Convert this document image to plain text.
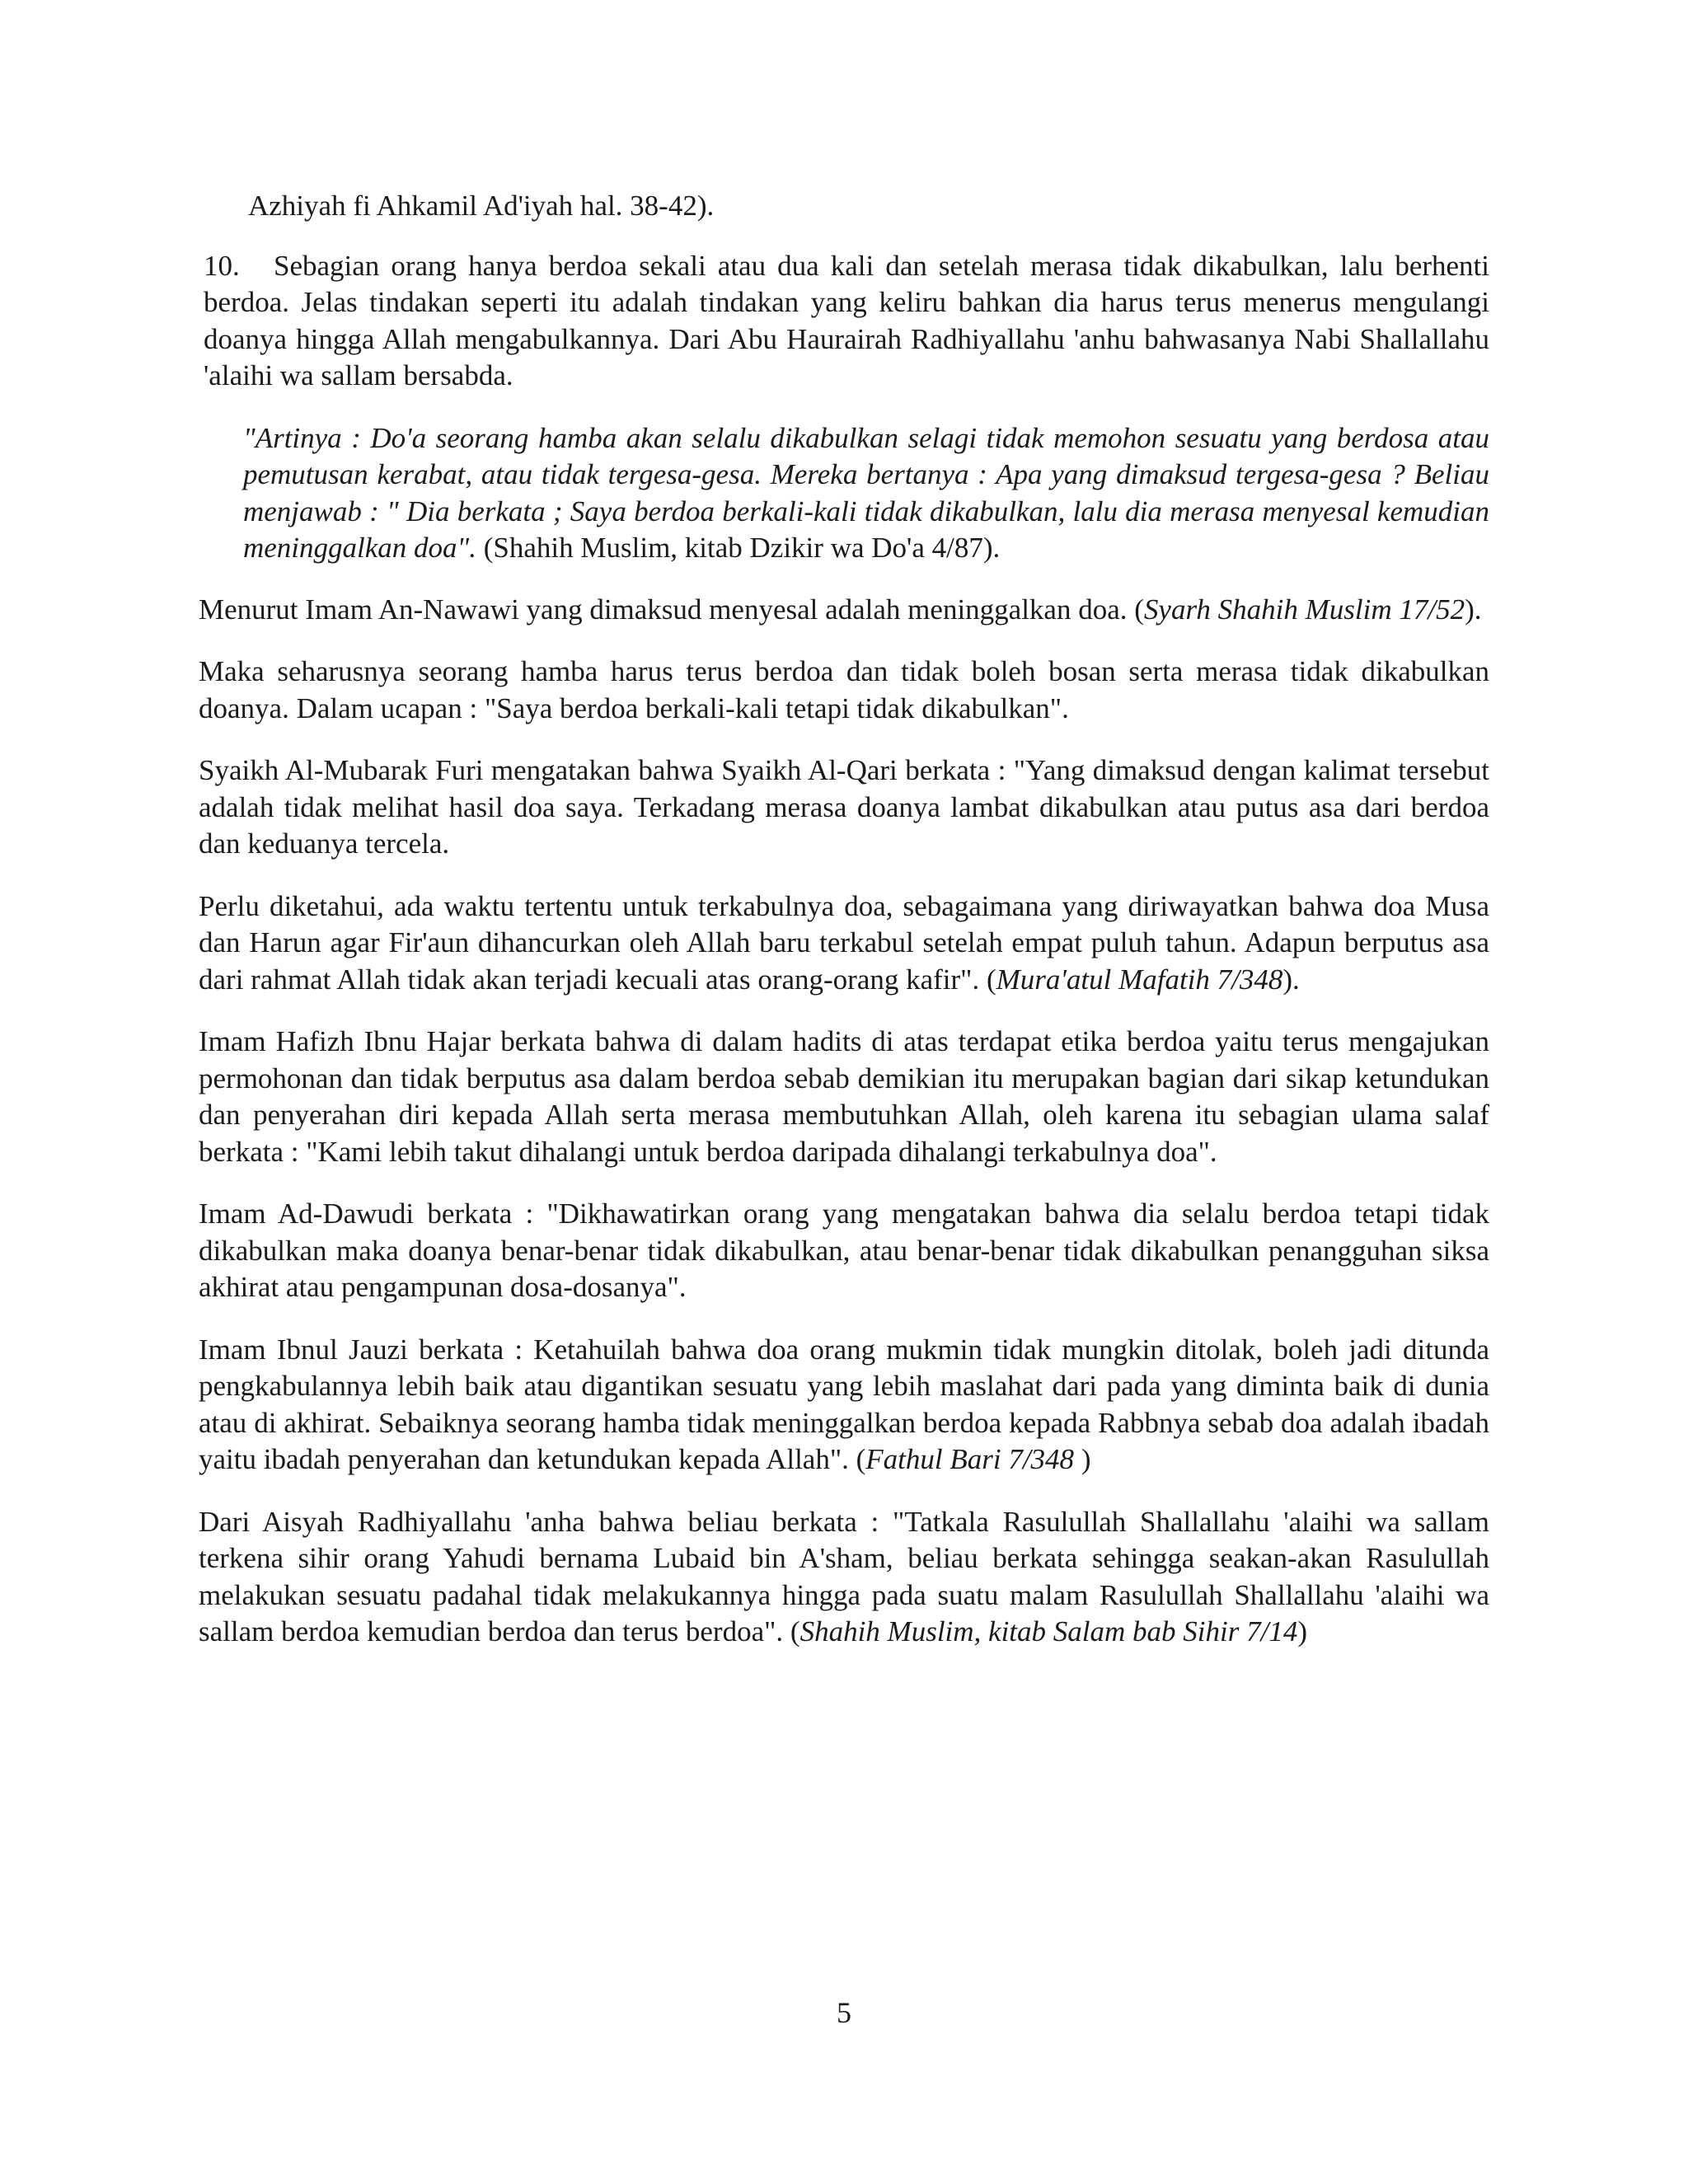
Azhiyah fi Ahkamil Ad'iyah hal. 38-42).

10. Sebagian orang hanya berdoa sekali atau dua kali dan setelah merasa tidak dikabulkan, lalu berhenti berdoa. Jelas tindakan seperti itu adalah tindakan yang keliru bahkan dia harus terus menerus mengulangi doanya hingga Allah mengabulkannya. Dari Abu Haurairah Radhiyallahu 'anhu bahwasanya Nabi Shallallahu 'alaihi wa sallam bersabda.

"Artinya : Do'a seorang hamba akan selalu dikabulkan selagi tidak memohon sesuatu yang berdosa atau pemutusan kerabat, atau tidak tergesa-gesa. Mereka bertanya : Apa yang dimaksud tergesa-gesa ? Beliau menjawab : " Dia berkata ; Saya berdoa berkali-kali tidak dikabulkan, lalu dia merasa menyesal kemudian meninggalkan doa". (Shahih Muslim, kitab Dzikir wa Do'a 4/87).

Menurut Imam An-Nawawi yang dimaksud menyesal adalah meninggalkan doa. (Syarh Shahih Muslim 17/52).

Maka seharusnya seorang hamba harus terus berdoa dan tidak boleh bosan serta merasa tidak dikabulkan doanya. Dalam ucapan : "Saya berdoa berkali-kali tetapi tidak dikabulkan".

Syaikh Al-Mubarak Furi mengatakan bahwa Syaikh Al-Qari berkata : "Yang dimaksud dengan kalimat tersebut adalah tidak melihat hasil doa saya. Terkadang merasa doanya lambat dikabulkan atau putus asa dari berdoa dan keduanya tercela.

Perlu diketahui, ada waktu tertentu untuk terkabulnya doa, sebagaimana yang diriwayatkan bahwa doa Musa dan Harun agar Fir'aun dihancurkan oleh Allah baru terkabul setelah empat puluh tahun. Adapun berputus asa dari rahmat Allah tidak akan terjadi kecuali atas orang-orang kafir". (Mura'atul Mafatih 7/348).

Imam Hafizh Ibnu Hajar berkata bahwa di dalam hadits di atas terdapat etika berdoa yaitu terus mengajukan permohonan dan tidak berputus asa dalam berdoa sebab demikian itu merupakan bagian dari sikap ketundukan dan penyerahan diri kepada Allah serta merasa membutuhkan Allah, oleh karena itu sebagian ulama salaf berkata : "Kami lebih takut dihalangi untuk berdoa daripada dihalangi terkabulnya doa".

Imam Ad-Dawudi berkata : "Dikhawatirkan orang yang mengatakan bahwa dia selalu berdoa tetapi tidak dikabulkan maka doanya benar-benar tidak dikabulkan, atau benar-benar tidak dikabulkan penangguhan siksa akhirat atau pengampunan dosa-dosanya".

Imam Ibnul Jauzi berkata : Ketahuilah bahwa doa orang mukmin tidak mungkin ditolak, boleh jadi ditunda pengkabulannya lebih baik atau digantikan sesuatu yang lebih maslahat dari pada yang diminta baik di dunia atau di akhirat. Sebaiknya seorang hamba tidak meninggalkan berdoa kepada Rabbnya sebab doa adalah ibadah yaitu ibadah penyerahan dan ketundukan kepada Allah". (Fathul Bari 7/348 )

Dari Aisyah Radhiyallahu 'anha bahwa beliau berkata : "Tatkala Rasulullah Shallallahu 'alaihi wa sallam terkena sihir orang Yahudi bernama Lubaid bin A'sham, beliau berkata sehingga seakan-akan Rasulullah melakukan sesuatu padahal tidak melakukannya hingga pada suatu malam Rasulullah Shallallahu 'alaihi wa sallam berdoa kemudian berdoa dan terus berdoa". (Shahih Muslim, kitab Salam bab Sihir 7/14)

5
